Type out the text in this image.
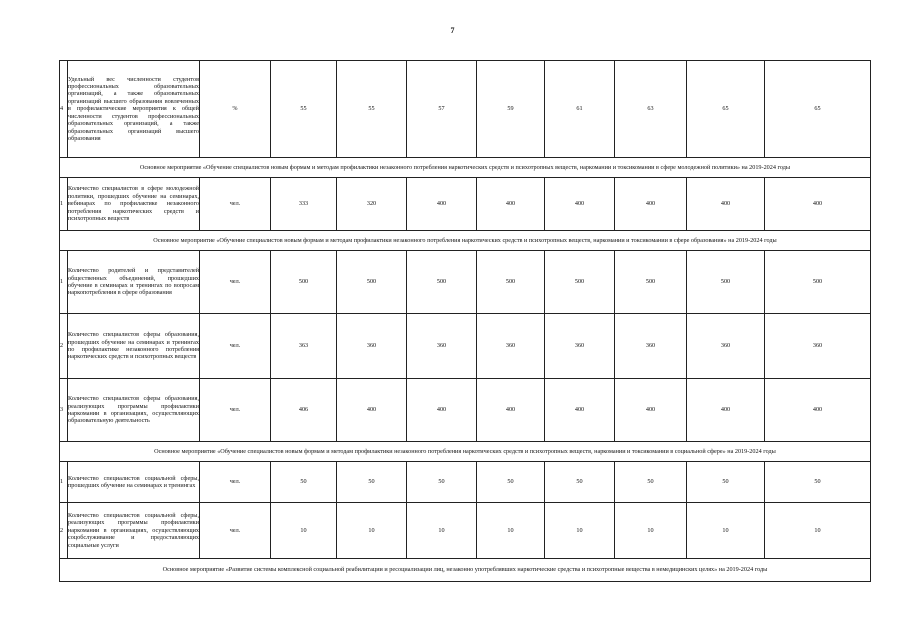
7
4	Удельный вес численности студентов профессиональных образовательных организаций, а также образовательных организаций высшего образования вовлеченных в профилактические мероприятия к общей численности студентов профессиональных образовательных организаций, а также образовательных организаций высшего образования	%	55	55	57	59	61	63	65	65
Основное мероприятие «Обучение специалистов новым формам и методам профилактики незаконного потребления наркотических средств и психотропных веществ, наркомании и токсикомании в сфере молодежной политики» на 2019-2024 годы										
1	Количество специалистов в сфере молодежной политики, прошедших обучение на семинарах, вебинарах по профилактике незаконного потребления наркотических средств и психотропных веществ	чел.	333	320	400	400	400	400	400	400
Основное мероприятие «Обучение специалистов новым формам и методам профилактики незаконного потребления наркотических средств и психотропных веществ, наркомании и токсикомании в сфере образования» на 2019-2024 годы										
1	Количество родителей и представителей общественных объединений, прошедших обучение в семинарах и тренингах по вопросам наркопотребления в сфере образования	чел.	500	500	500	500	500	500	500	500
2	Количество специалистов сферы образования, прошедших обучение на семинарах и тренингах по профилактике незаконного потребления наркотических средств и психотропных веществ	чел.	363	360	360	360	360	360	360	360
3	Количество специалистов сферы образования, реализующих программы профилактики наркомании в организациях, осуществляющих образовательную деятельность	чел.	406	400	400	400	400	400	400	400
Основное мероприятие «Обучение специалистов новым формам и методам профилактики незаконного потребления наркотических средств и психотропных веществ, наркомании и токсикомании в социальной сфере» на 2019-2024 годы										
1	Количество специалистов социальной сферы, прошедших обучение на семинарах и тренингах	чел.	50	50	50	50	50	50	50	50
2	Количество специалистов социальной сферы, реализующих программы профилактики наркомании в организациях, осуществляющих соцобслуживание и предоставляющих социальные услуги	чел.	10	10	10	10	10	10	10	10
Основное мероприятие «Развитие системы комплексной социальной реабилитации и ресоциализации лиц, незаконно употреблявших наркотические средства и психотропные вещества в немедицинских целях» на 2019-2024 годы										
